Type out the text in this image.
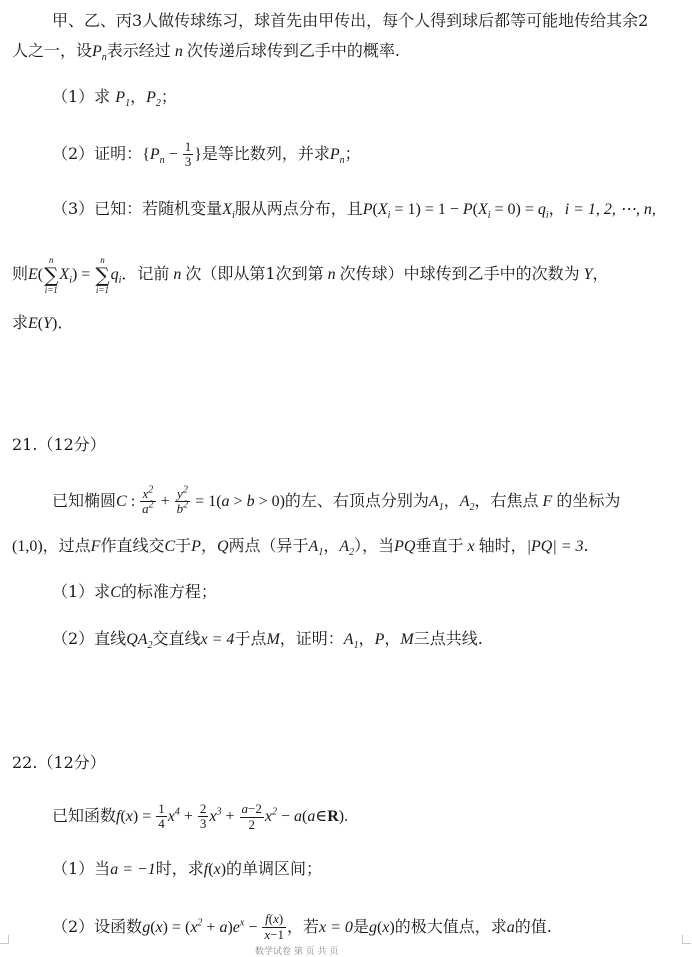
甲、乙、丙3人做传球练习，球首先由甲传出，每个人得到球后都等可能地传给其余2
人之一，设$P_n$表示经过 n 次传递后球传到乙手中的概率.
（1）求 $P_1$，$P_2$；
（2）证明：{$P_n - \frac{1}{3}$ }是等比数列，并求$P_n$；
（3）已知：若随机变量$X_i$服从两点分布，且$P(X_i = 1) = 1 - P(X_i = 0) = q_i$，i = 1, 2, ⋯, n,
则E(
n
∑
i=1
$X_i$) =
n
∑
i=1
$q_i$．记前 n 次（即从第1次到第 n 次传球）中球传到乙手中的次数为 Y，
求E(Y)．
21.（12分）
已知椭圆C : $\frac{x^2}{a^2} + \frac{y^2}{b^2} = 1(a > b > 0)$的左、右顶点分别为$A_1$，$A_2$，右焦点 F 的坐标为
(1,0)，过点F作直线交C于P，Q两点（异于$A_1$，$A_2$），当PQ垂直于 x 轴时，|PQ| = 3.
（1）求C的标准方程；
（2）直线$QA_2$交直线x = 4于点M，证明：$A_1$，P，M三点共线.
22.（12分）
已知函数$f(x) = \frac{1}{4} x^4 + \frac{2}{3} x^3 + \frac{a-2}{2} x^2$ − a(a∈R).
（1）当a = −1时，求f(x)的单调区间；
（2）设函数$g(x) = (x^2 + a)e^x - \frac{f(x)}{x-1}$ ，若x = 0是g(x)的极大值点，求a的值.
数学试卷 第 页 共 页
